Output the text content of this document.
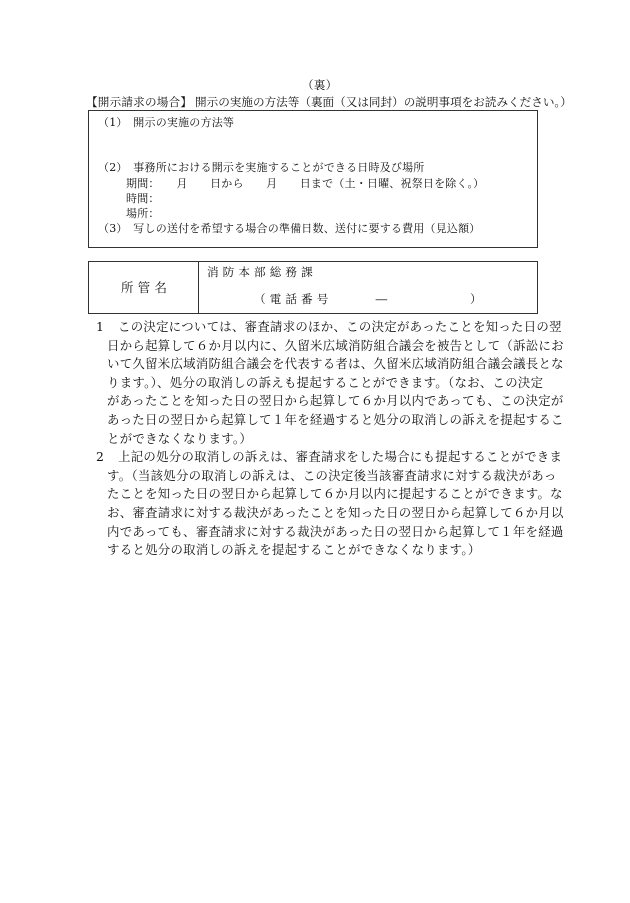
（裏）
【開示請求の場合】 開示の実施の方法等（裏面（又は同封）の説明事項をお読みください。）
（1）　開示の実施の方法等
（2）　事務所における開示を実施することができる日時及び場所
期間：　　月　　日から　　月　　日まで（土・日曜、祝祭日を除く。）
時間：
場所：
（3）　写しの送付を希望する場合の準備日数、送付に要する費用（見込額）
所 管 名
消 防 本 部 総 務 課
（ 電 話 番 号　　　　―　　　　　　　）
1 この決定については、審査請求のほか、この決定があったことを知った日の翌
日から起算して６か月以内に、久留米広域消防組合議会を被告として（訴訟にお
いて久留米広域消防組合議会を代表する者は、久留米広域消防組合議会議長とな
ります。）、処分の取消しの訴えも提起することができます。（なお、この決定
があったことを知った日の翌日から起算して６か月以内であっても、この決定が
あった日の翌日から起算して１年を経過すると処分の取消しの訴えを提起するこ
とができなくなります。）
2 上記の処分の取消しの訴えは、審査請求をした場合にも提起することができま
す。（当該処分の取消しの訴えは、この決定後当該審査請求に対する裁決があっ
たことを知った日の翌日から起算して６か月以内に提起することができます。な
お、審査請求に対する裁決があったことを知った日の翌日から起算して６か月以
内であっても、審査請求に対する裁決があった日の翌日から起算して１年を経過
すると処分の取消しの訴えを提起することができなくなります。）
